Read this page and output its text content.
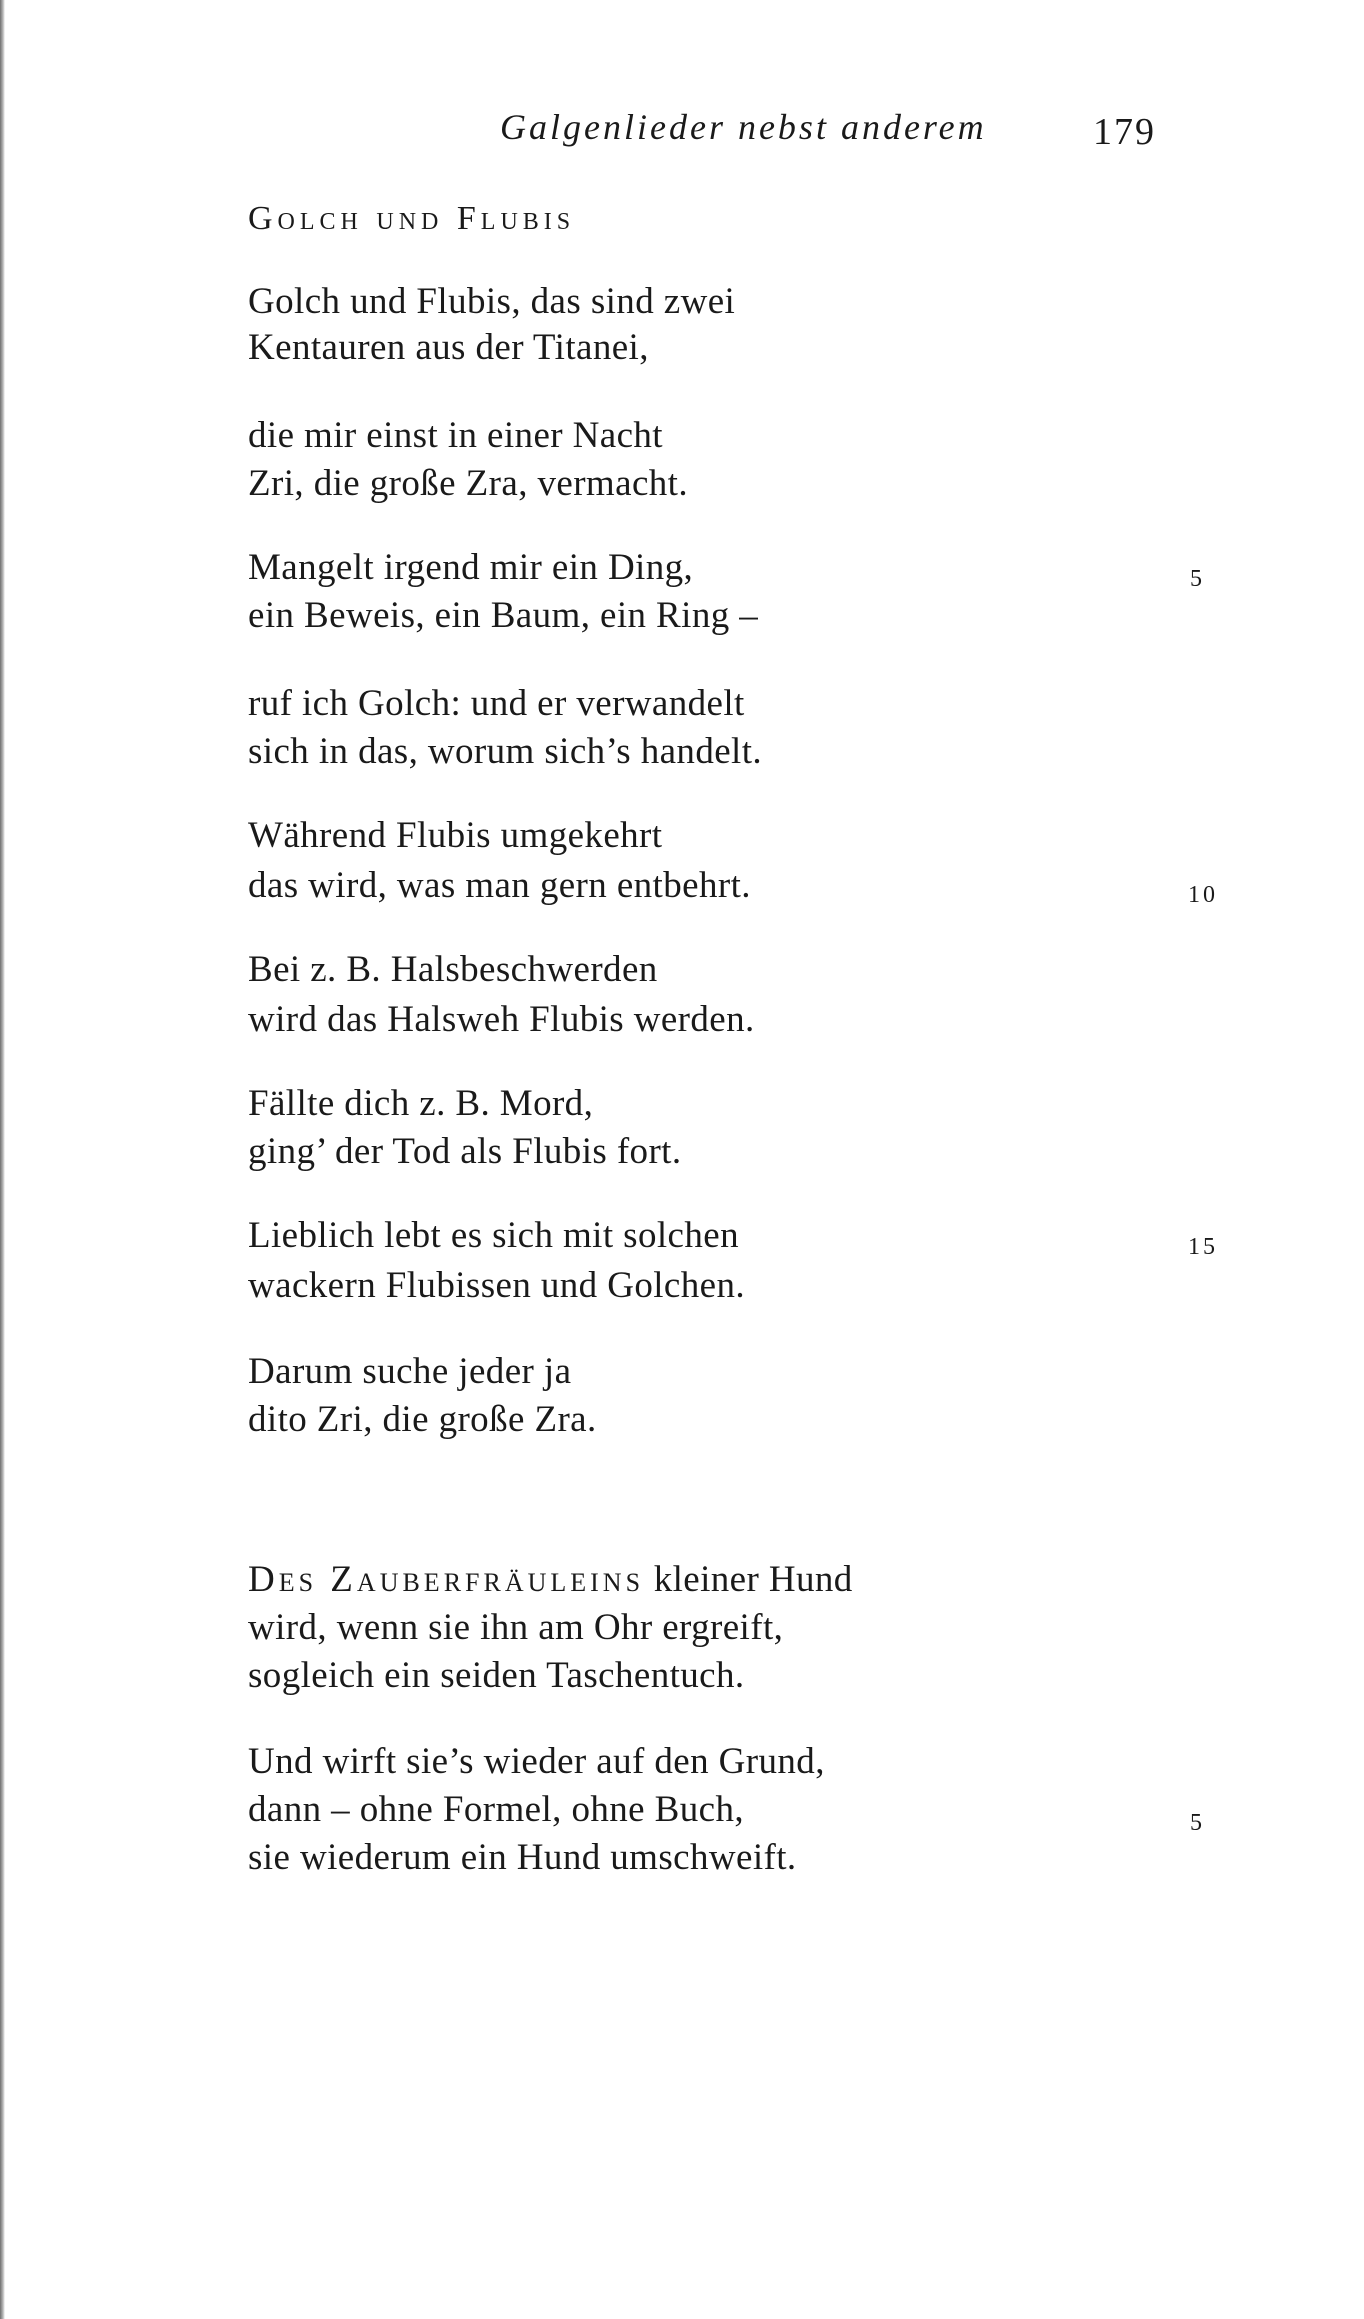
Galgenlieder nebst anderem	179
Golch und Flubis
Golch und Flubis, das sind zwei
Kentauren aus der Titanei,
die mir einst in einer Nacht
Zri, die große Zra, vermacht.
Mangelt irgend mir ein Ding,
ein Beweis, ein Baum, ein Ring –
ruf ich Golch: und er verwandelt
sich in das, worum sich’s handelt.
Während Flubis umgekehrt
das wird, was man gern entbehrt.
Bei z. B. Halsbeschwerden
wird das Halsweh Flubis werden.
Fällte dich z. B. Mord,
ging’ der Tod als Flubis fort.
Lieblich lebt es sich mit solchen
wackern Flubissen und Golchen.
Darum suche jeder ja
dito Zri, die große Zra.
5
10
15
Des Zauberfräuleins kleiner Hund
wird, wenn sie ihn am Ohr ergreift,
sogleich ein seiden Taschentuch.
Und wirft sie’s wieder auf den Grund,
dann – ohne Formel, ohne Buch,
sie wiederum ein Hund umschweift.
5
